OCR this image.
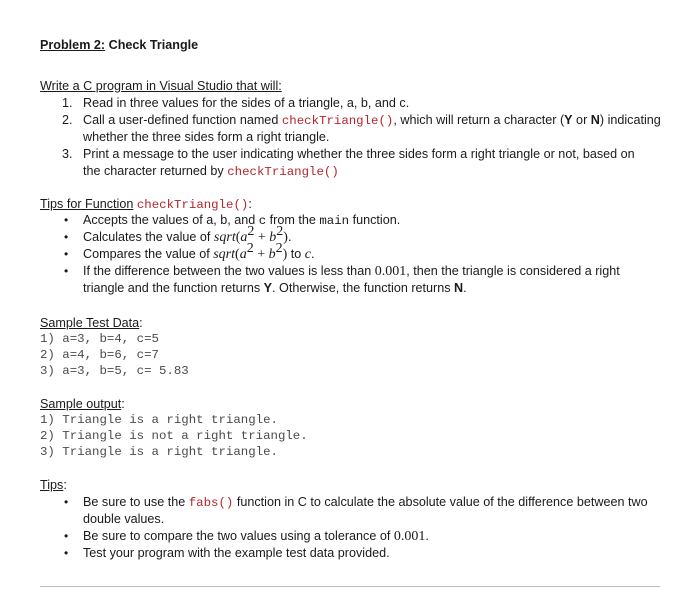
Problem 2: Check Triangle
Write a C program in Visual Studio that will:
1. Read in three values for the sides of a triangle, a, b, and c.
2. Call a user-defined function named checkTriangle(), which will return a character (Y or N) indicating
whether the three sides form a right triangle.
3. Print a message to the user indicating whether the three sides form a right triangle or not, based on
the character returned by checkTriangle()
Tips for Function checkTriangle():
• Accepts the values of a, b, and c from the main function.
• Calculates the value of $sqrt(a^2 + b^2)$.
• Compares the value of $sqrt(a^2 + b^2)$ to c.
• If the difference between the two values is less than 0.001, then the triangle is considered a right
triangle and the function returns Y. Otherwise, the function returns N.
Sample Test Data:
1) a=3, b=4, c=5
2) a=4, b=6, c=7
3) a=3, b=5, c= 5.83
Sample output:
1) Triangle is a right triangle.
2) Triangle is not a right triangle.
3) Triangle is a right triangle.
Tips:
• Be sure to use the fabs() function in C to calculate the absolute value of the difference between two
double values.
• Be sure to compare the two values using a tolerance of 0.001.
• Test your program with the example test data provided.
